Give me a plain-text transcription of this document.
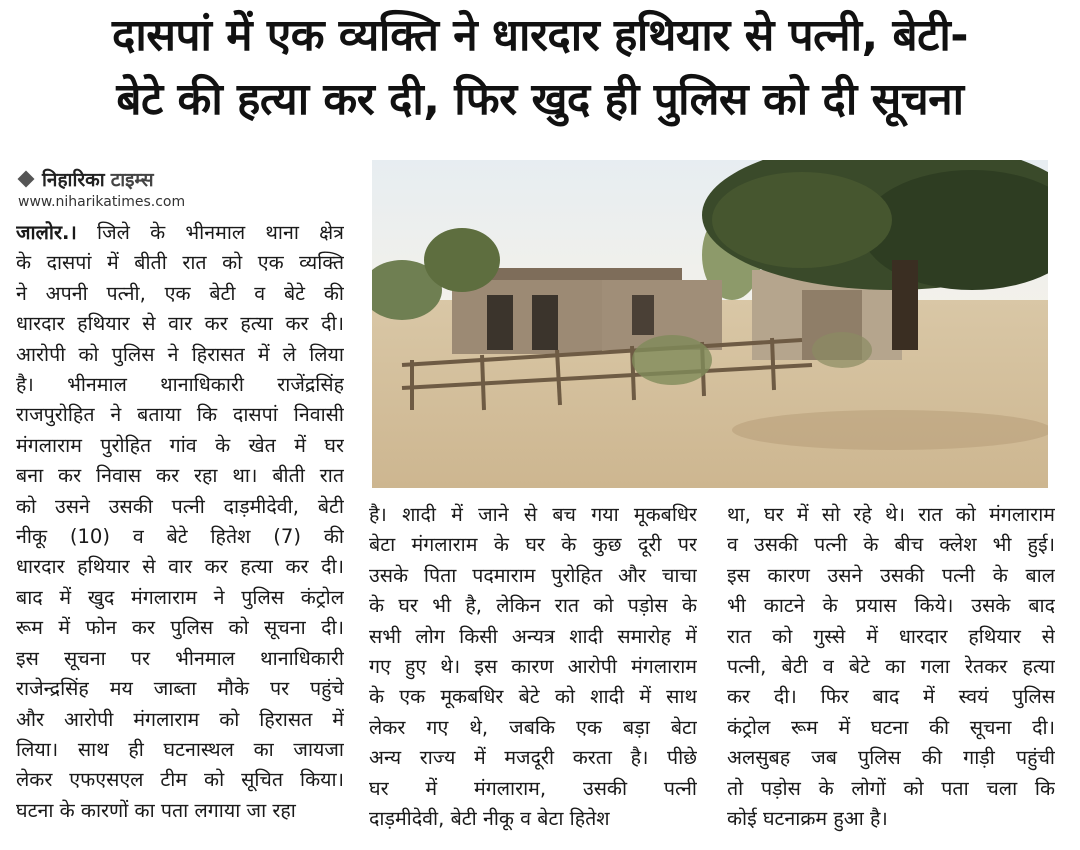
दासपां में एक व्यक्ति ने धारदार हथियार से पत्नी, बेटी-
बेटे की हत्या कर दी, फिर खुद ही पुलिस को दी सूचना
निहारिका टाइम्स
www.niharikatimes.com
जालोर.। जिले के भीनमाल थाना क्षेत्र
के दासपां में बीती रात को एक व्यक्ति
ने अपनी पत्नी, एक बेटी व बेटे की
धारदार हथियार से वार कर हत्या कर दी।
आरोपी को पुलिस ने हिरासत में ले लिया
है। भीनमाल थानाधिकारी राजेंद्रसिंह
राजपुरोहित ने बताया कि दासपां निवासी
मंगलाराम पुरोहित गांव के खेत में घर
बना कर निवास कर रहा था। बीती रात
को उसने उसकी पत्नी दाड़मीदेवी, बेटी
नीकू (10) व बेटे हितेश (7) की
धारदार हथियार से वार कर हत्या कर दी।
बाद में खुद मंगलाराम ने पुलिस कंट्रोल
रूम में फोन कर पुलिस को सूचना दी।
इस सूचना पर भीनमाल थानाधिकारी
राजेन्द्रसिंह मय जाब्ता मौके पर पहुंचे
और आरोपी मंगलाराम को हिरासत में
लिया। साथ ही घटनास्थल का जायजा
लेकर एफएसएल टीम को सूचित किया।
घटना के कारणों का पता लगाया जा रहा
है। शादी में जाने से बच गया मूकबधिर
बेटा मंगलाराम के घर के कुछ दूरी पर
उसके पिता पदमाराम पुरोहित और चाचा
के घर भी है, लेकिन रात को पड़ोस के
सभी लोग किसी अन्यत्र शादी समारोह में
गए हुए थे। इस कारण आरोपी मंगलाराम
के एक मूकबधिर बेटे को शादी में साथ
लेकर गए थे, जबकि एक बड़ा बेटा
अन्य राज्य में मजदूरी करता है। पीछे
घर में मंगलाराम, उसकी पत्नी
दाड़मीदेवी, बेटी नीकू व बेटा हितेश
था, घर में सो रहे थे। रात को मंगलाराम
व उसकी पत्नी के बीच क्लेश भी हुई।
इस कारण उसने उसकी पत्नी के बाल
भी काटने के प्रयास किये। उसके बाद
रात को गुस्से में धारदार हथियार से
पत्नी, बेटी व बेटे का गला रेतकर हत्या
कर दी। फिर बाद में स्वयं पुलिस
कंट्रोल रूम में घटना की सूचना दी।
अलसुबह जब पुलिस की गाड़ी पहुंची
तो पड़ोस के लोगों को पता चला कि
कोई घटनाक्रम हुआ है।
